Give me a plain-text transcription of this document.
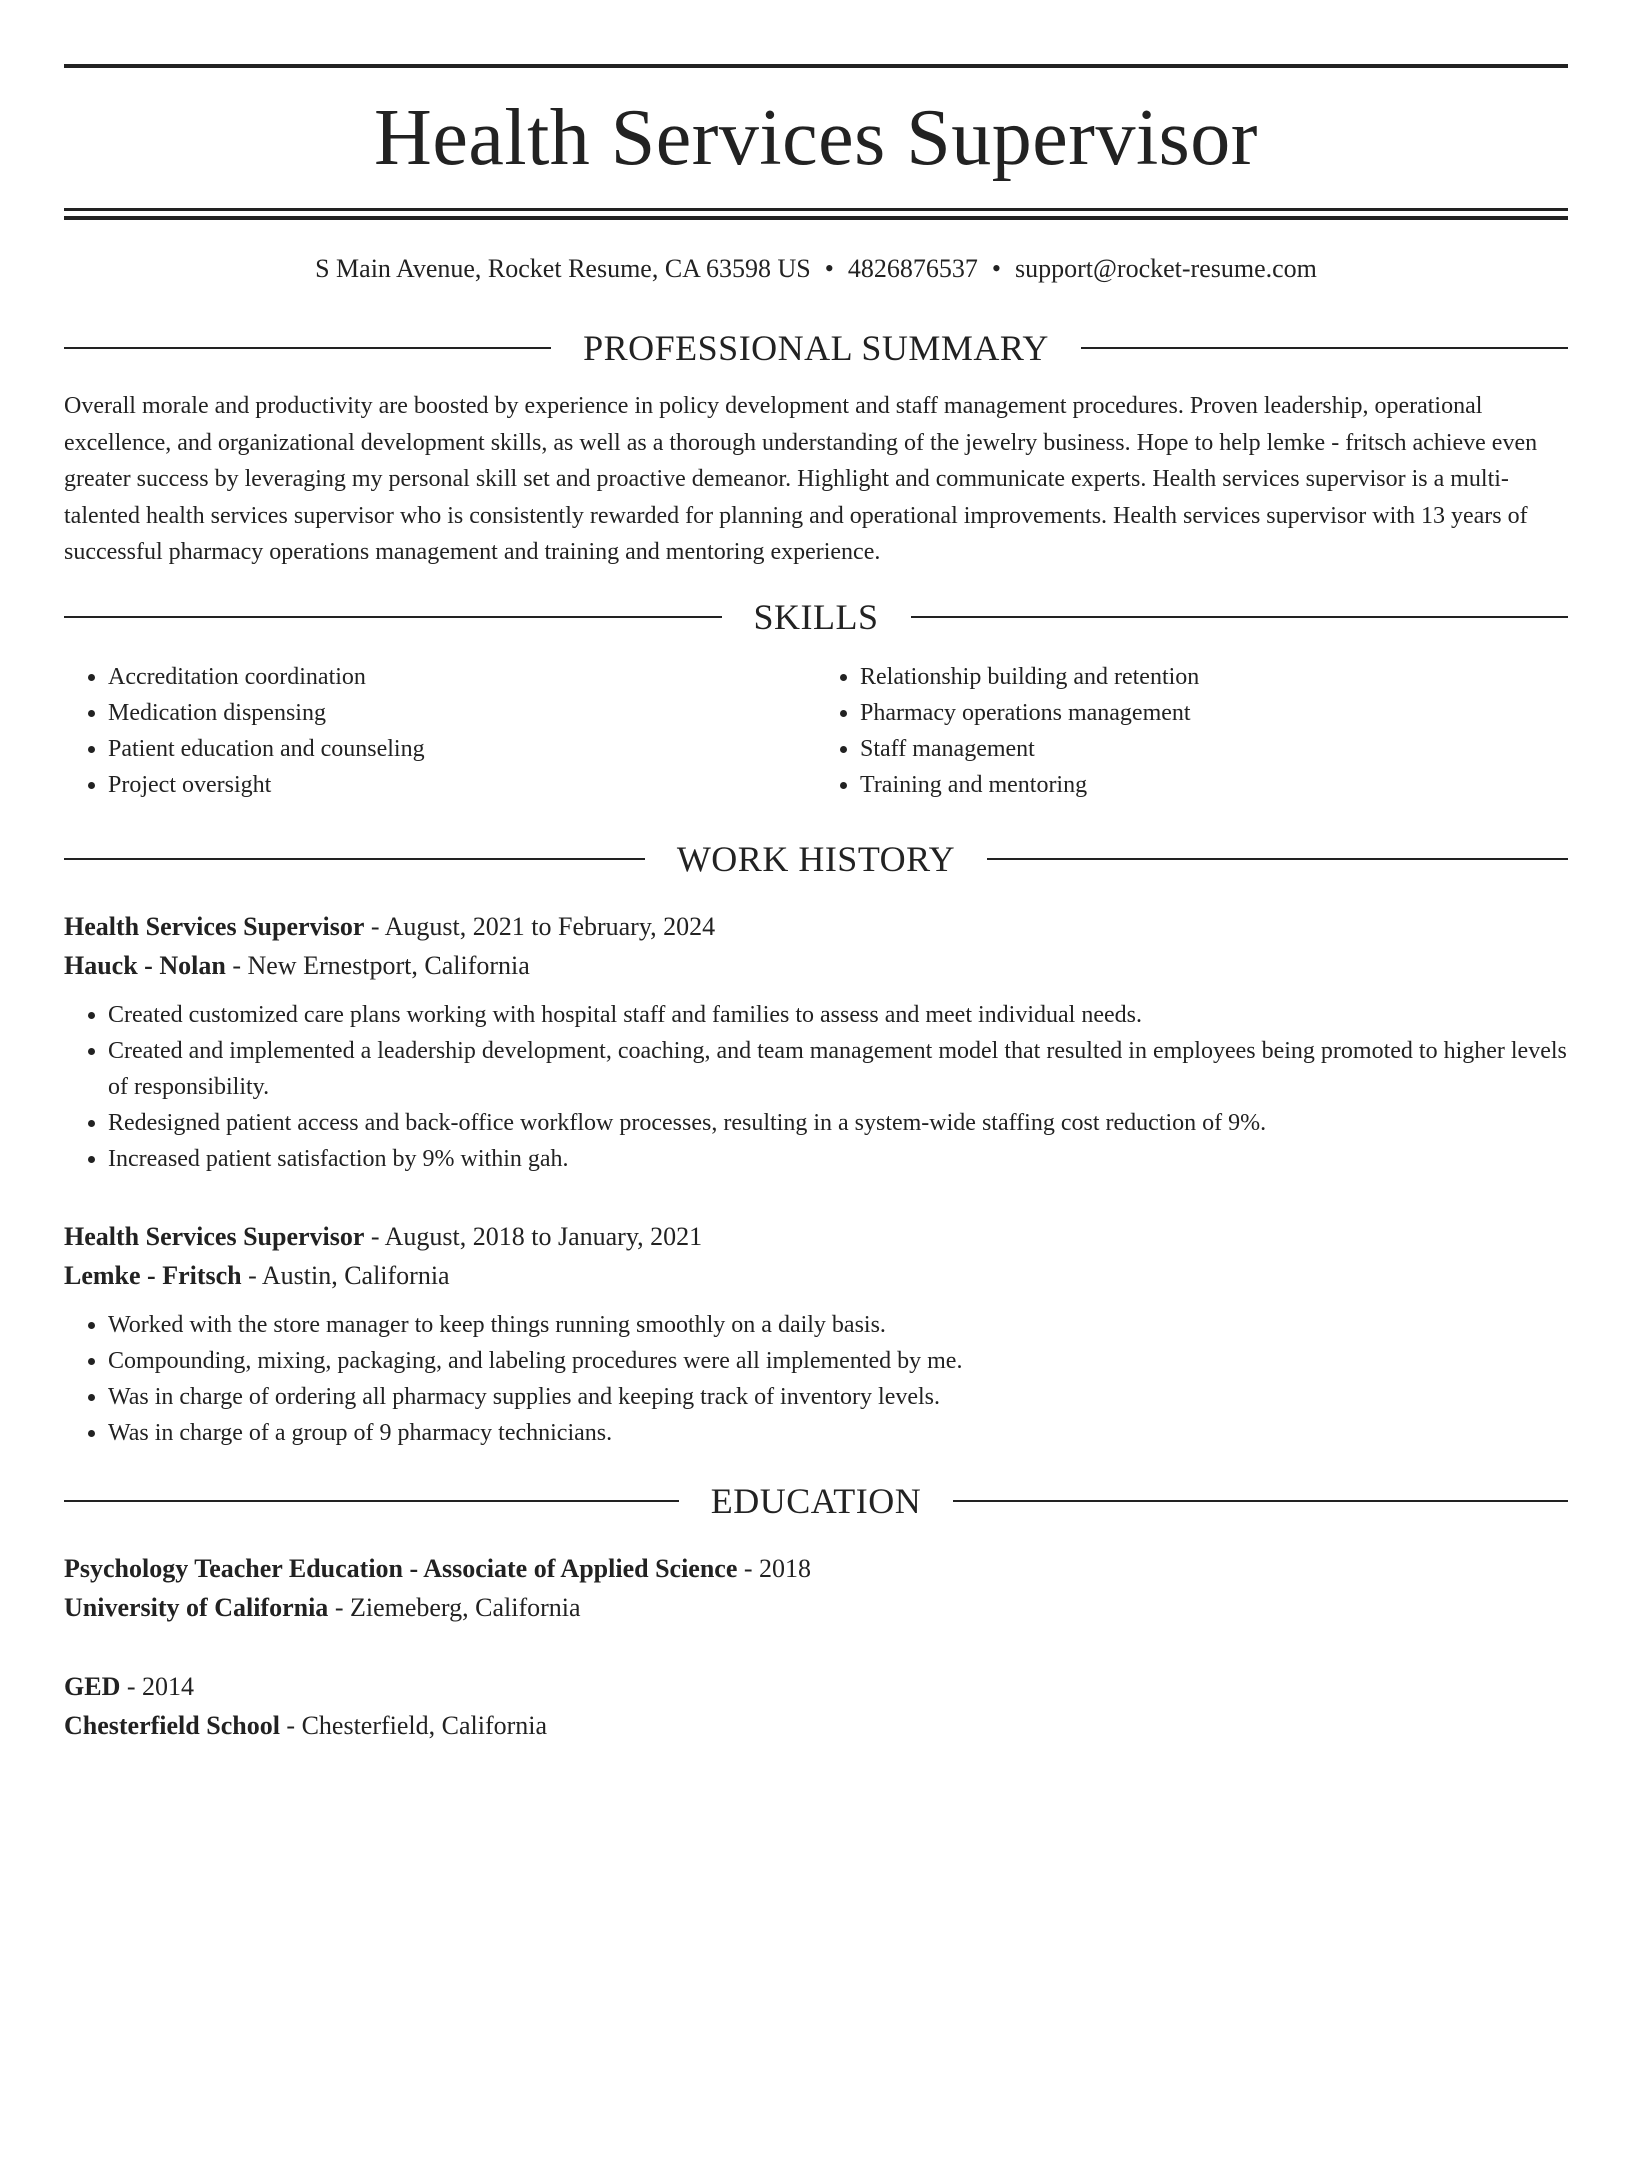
Health Services Supervisor
S Main Avenue, Rocket Resume, CA 63598 US • 4826876537 • support@rocket-resume.com
PROFESSIONAL SUMMARY

Overall morale and productivity are boosted by experience in policy development and staff management procedures. Proven leadership, operational excellence, and organizational development skills, as well as a thorough understanding of the jewelry business. Hope to help lemke - fritsch achieve even greater success by leveraging my personal skill set and proactive demeanor. Highlight and communicate experts. Health services supervisor is a multi-talented health services supervisor who is consistently rewarded for planning and operational improvements. Health services supervisor with 13 years of successful pharmacy operations management and training and mentoring experience.

SKILLS
• Accreditation coordination
• Medication dispensing
• Patient education and counseling
• Project oversight
• Relationship building and retention
• Pharmacy operations management
• Staff management
• Training and mentoring
WORK HISTORY
Health Services Supervisor - August, 2021 to February, 2024
Hauck - Nolan - New Ernestport, California
• Created customized care plans working with hospital staff and families to assess and meet individual needs.
• Created and implemented a leadership development, coaching, and team management model that resulted in employees being promoted to higher levels of responsibility.
• Redesigned patient access and back-office workflow processes, resulting in a system-wide staffing cost reduction of 9%.
• Increased patient satisfaction by 9% within gah.
Health Services Supervisor - August, 2018 to January, 2021
Lemke - Fritsch - Austin, California
• Worked with the store manager to keep things running smoothly on a daily basis.
• Compounding, mixing, packaging, and labeling procedures were all implemented by me.
• Was in charge of ordering all pharmacy supplies and keeping track of inventory levels.
• Was in charge of a group of 9 pharmacy technicians.
EDUCATION
Psychology Teacher Education - Associate of Applied Science - 2018
University of California - Ziemeberg, California
GED - 2014
Chesterfield School - Chesterfield, California
